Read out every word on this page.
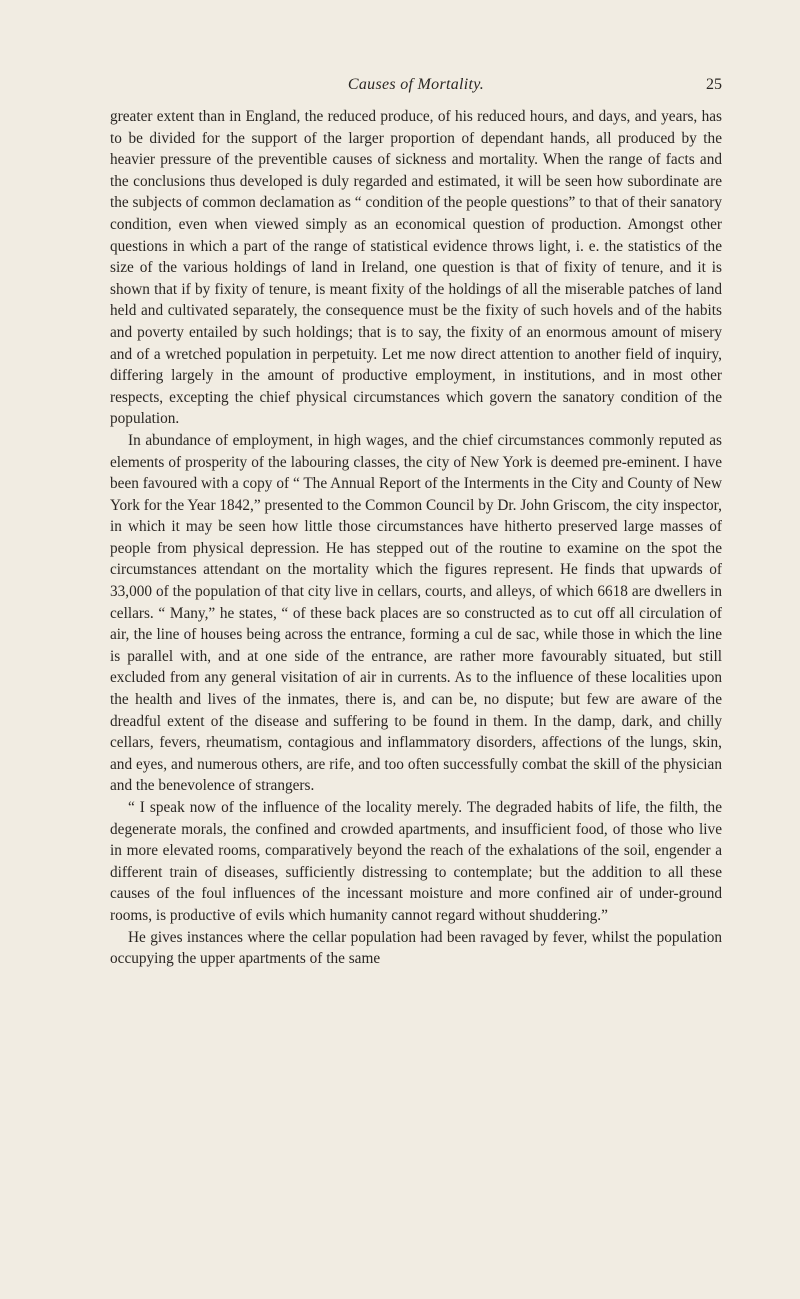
Causes of Mortality.	25

greater extent than in England, the reduced produce, of his reduced hours, and days, and years, has to be divided for the support of the larger proportion of dependant hands, all produced by the heavier pressure of the preventible causes of sickness and mortality. When the range of facts and the conclusions thus developed is duly regarded and estimated, it will be seen how subordinate are the subjects of common declamation as “ condition of the people questions” to that of their sanatory condition, even when viewed simply as an economical question of production. Amongst other questions in which a part of the range of statistical evidence throws light, i. e. the statistics of the size of the various holdings of land in Ireland, one question is that of fixity of tenure, and it is shown that if by fixity of tenure, is meant fixity of the holdings of all the miserable patches of land held and cultivated separately, the consequence must be the fixity of such hovels and of the habits and poverty entailed by such holdings; that is to say, the fixity of an enormous amount of misery and of a wretched population in perpetuity. Let me now direct attention to another field of inquiry, differing largely in the amount of productive employment, in institutions, and in most other respects, excepting the chief physical circumstances which govern the sanatory condition of the population.

In abundance of employment, in high wages, and the chief circumstances commonly reputed as elements of prosperity of the labouring classes, the city of New York is deemed pre-eminent. I have been favoured with a copy of “ The Annual Report of the Interments in the City and County of New York for the Year 1842,” presented to the Common Council by Dr. John Griscom, the city inspector, in which it may be seen how little those circumstances have hitherto preserved large masses of people from physical depression. He has stepped out of the routine to examine on the spot the circumstances attendant on the mortality which the figures represent. He finds that upwards of 33,000 of the population of that city live in cellars, courts, and alleys, of which 6618 are dwellers in cellars. “ Many,” he states, “ of these back places are so constructed as to cut off all circulation of air, the line of houses being across the entrance, forming a cul de sac, while those in which the line is parallel with, and at one side of the entrance, are rather more favourably situated, but still excluded from any general visitation of air in currents. As to the influence of these localities upon the health and lives of the inmates, there is, and can be, no dispute; but few are aware of the dreadful extent of the disease and suffering to be found in them. In the damp, dark, and chilly cellars, fevers, rheumatism, contagious and inflammatory disorders, affections of the lungs, skin, and eyes, and numerous others, are rife, and too often successfully combat the skill of the physician and the benevolence of strangers.

“ I speak now of the influence of the locality merely. The degraded habits of life, the filth, the degenerate morals, the confined and crowded apartments, and insufficient food, of those who live in more elevated rooms, comparatively beyond the reach of the exhalations of the soil, engender a different train of diseases, sufficiently distressing to contemplate; but the addition to all these causes of the foul influences of the incessant moisture and more confined air of under-ground rooms, is productive of evils which humanity cannot regard without shuddering.”

He gives instances where the cellar population had been ravaged by fever, whilst the population occupying the upper apartments of the same
